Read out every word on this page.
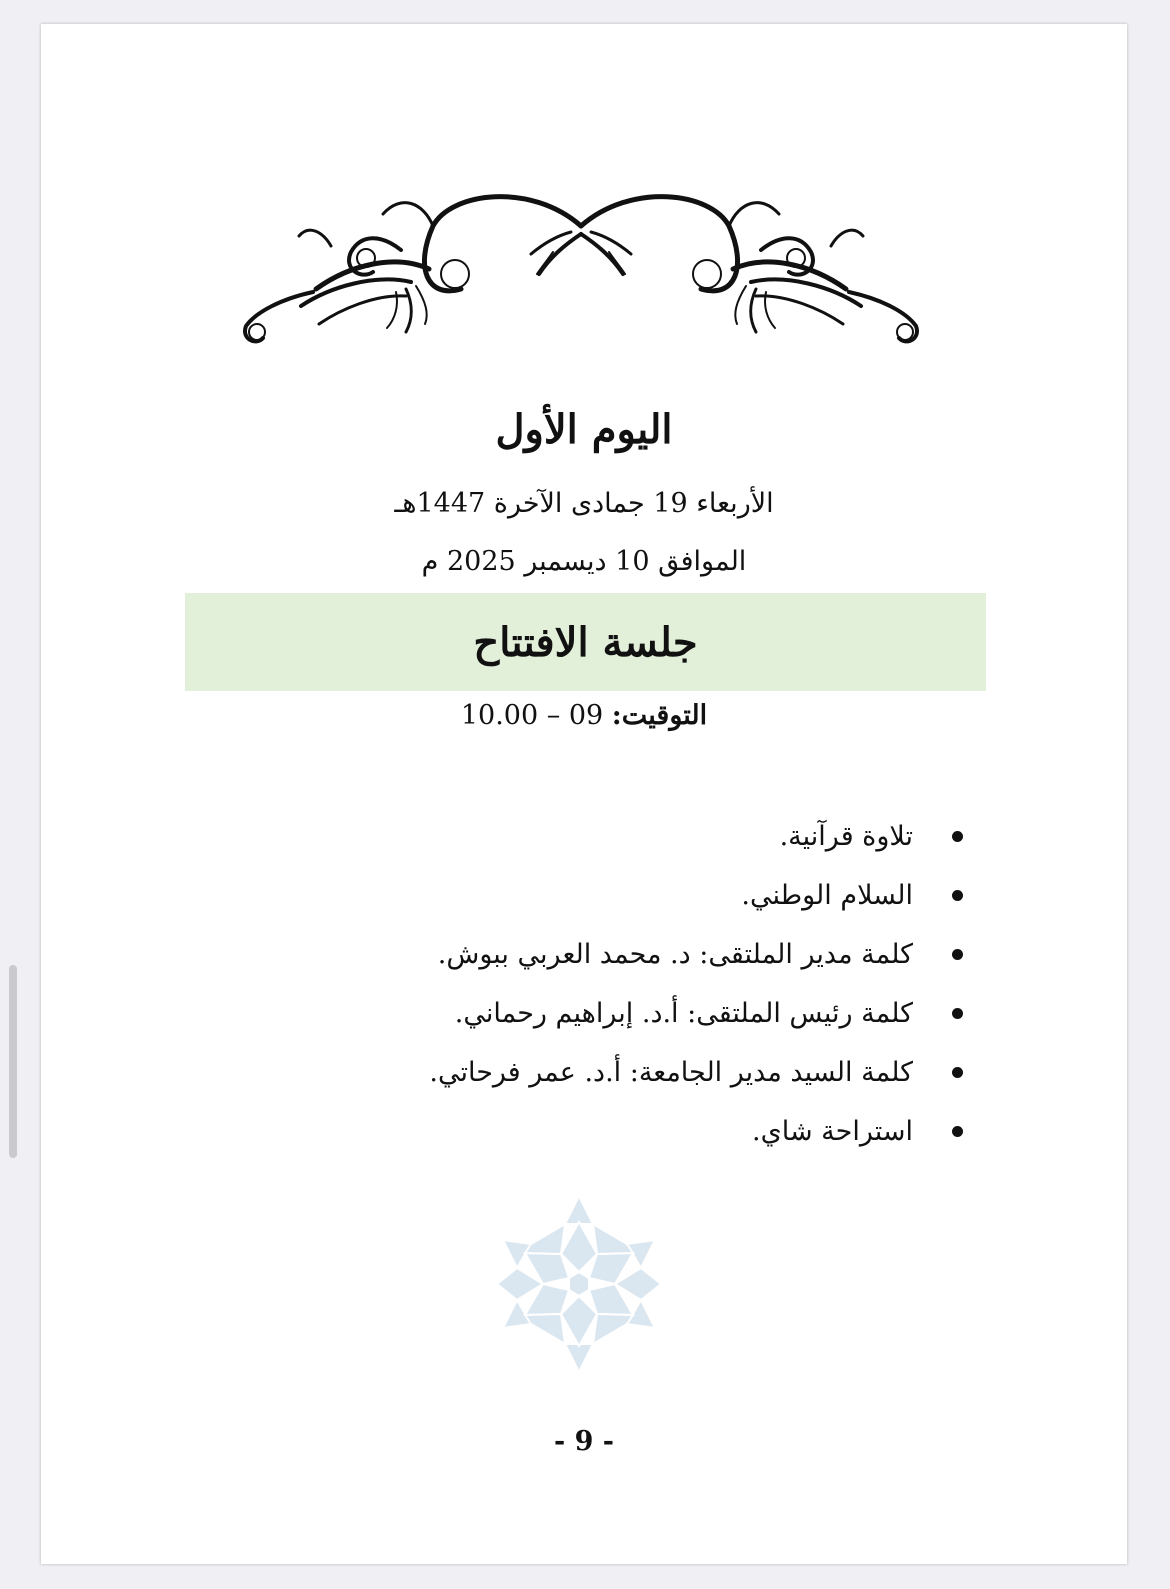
اليوم الأول
الأربعاء 19 جمادى الآخرة 1447هـ
الموافق 10 ديسمبر 2025 م
جلسة الافتتاح
التوقيت: 09 – 10.00
تلاوة قرآنية.
السلام الوطني.
كلمة مدير الملتقى: د. محمد العربي ببوش.
كلمة رئيس الملتقى: أ.د. إبراهيم رحماني.
كلمة السيد مدير الجامعة: أ.د. عمر فرحاتي.
استراحة شاي.
- 9 -
